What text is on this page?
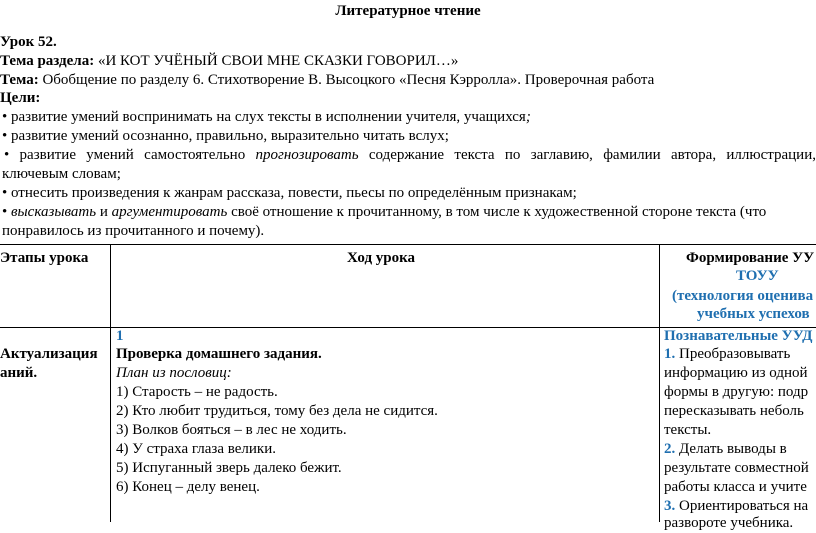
Литературное чтение
Урок 52.
Тема раздела: «И КОТ УЧЁНЫЙ СВОИ МНЕ СКАЗКИ ГОВОРИЛ…»
Тема: Обобщение по разделу 6. Стихотворение В. Высоцкого «Песня Кэрролла». Проверочная работа
Цели:
• развитие умений воспринимать на слух тексты в исполнении учителя, учащихся;
• развитие умений осознанно, правильно, выразительно читать вслух;
• развитие умений самостоятельно прогнозировать содержание текста по заглавию, фамилии автора, иллюстрации,
ключевым словам;
• отнесить произведения к жанрам рассказа, повести, пьесы по определённым признакам;
• высказывать и аргументировать своё отношение к прочитанному, в том числе к художественной стороне текста (что
понравилось из прочитанного и почему).
Этапы урока	Ход урока	Формирование УУ
ТОУУ
(технология оценива
учебных успехов
Актуализация
аний.
1
Проверка домашнего задания.
План из пословиц:
1) Старость – не радость.
2) Кто любит трудиться, тому без дела не сидится.
3) Волков бояться – в лес не ходить.
4) У страха глаза велики.
5) Испуганный зверь далеко бежит.
6) Конец – делу венец.
Познавательные УУД
1. Преобразовывать
информацию из одной
формы в другую: подр
пересказывать неболь
тексты.
2. Делать выводы в
результате совместной
работы класса и учите
3. Ориентироваться на
развороте учебника.
